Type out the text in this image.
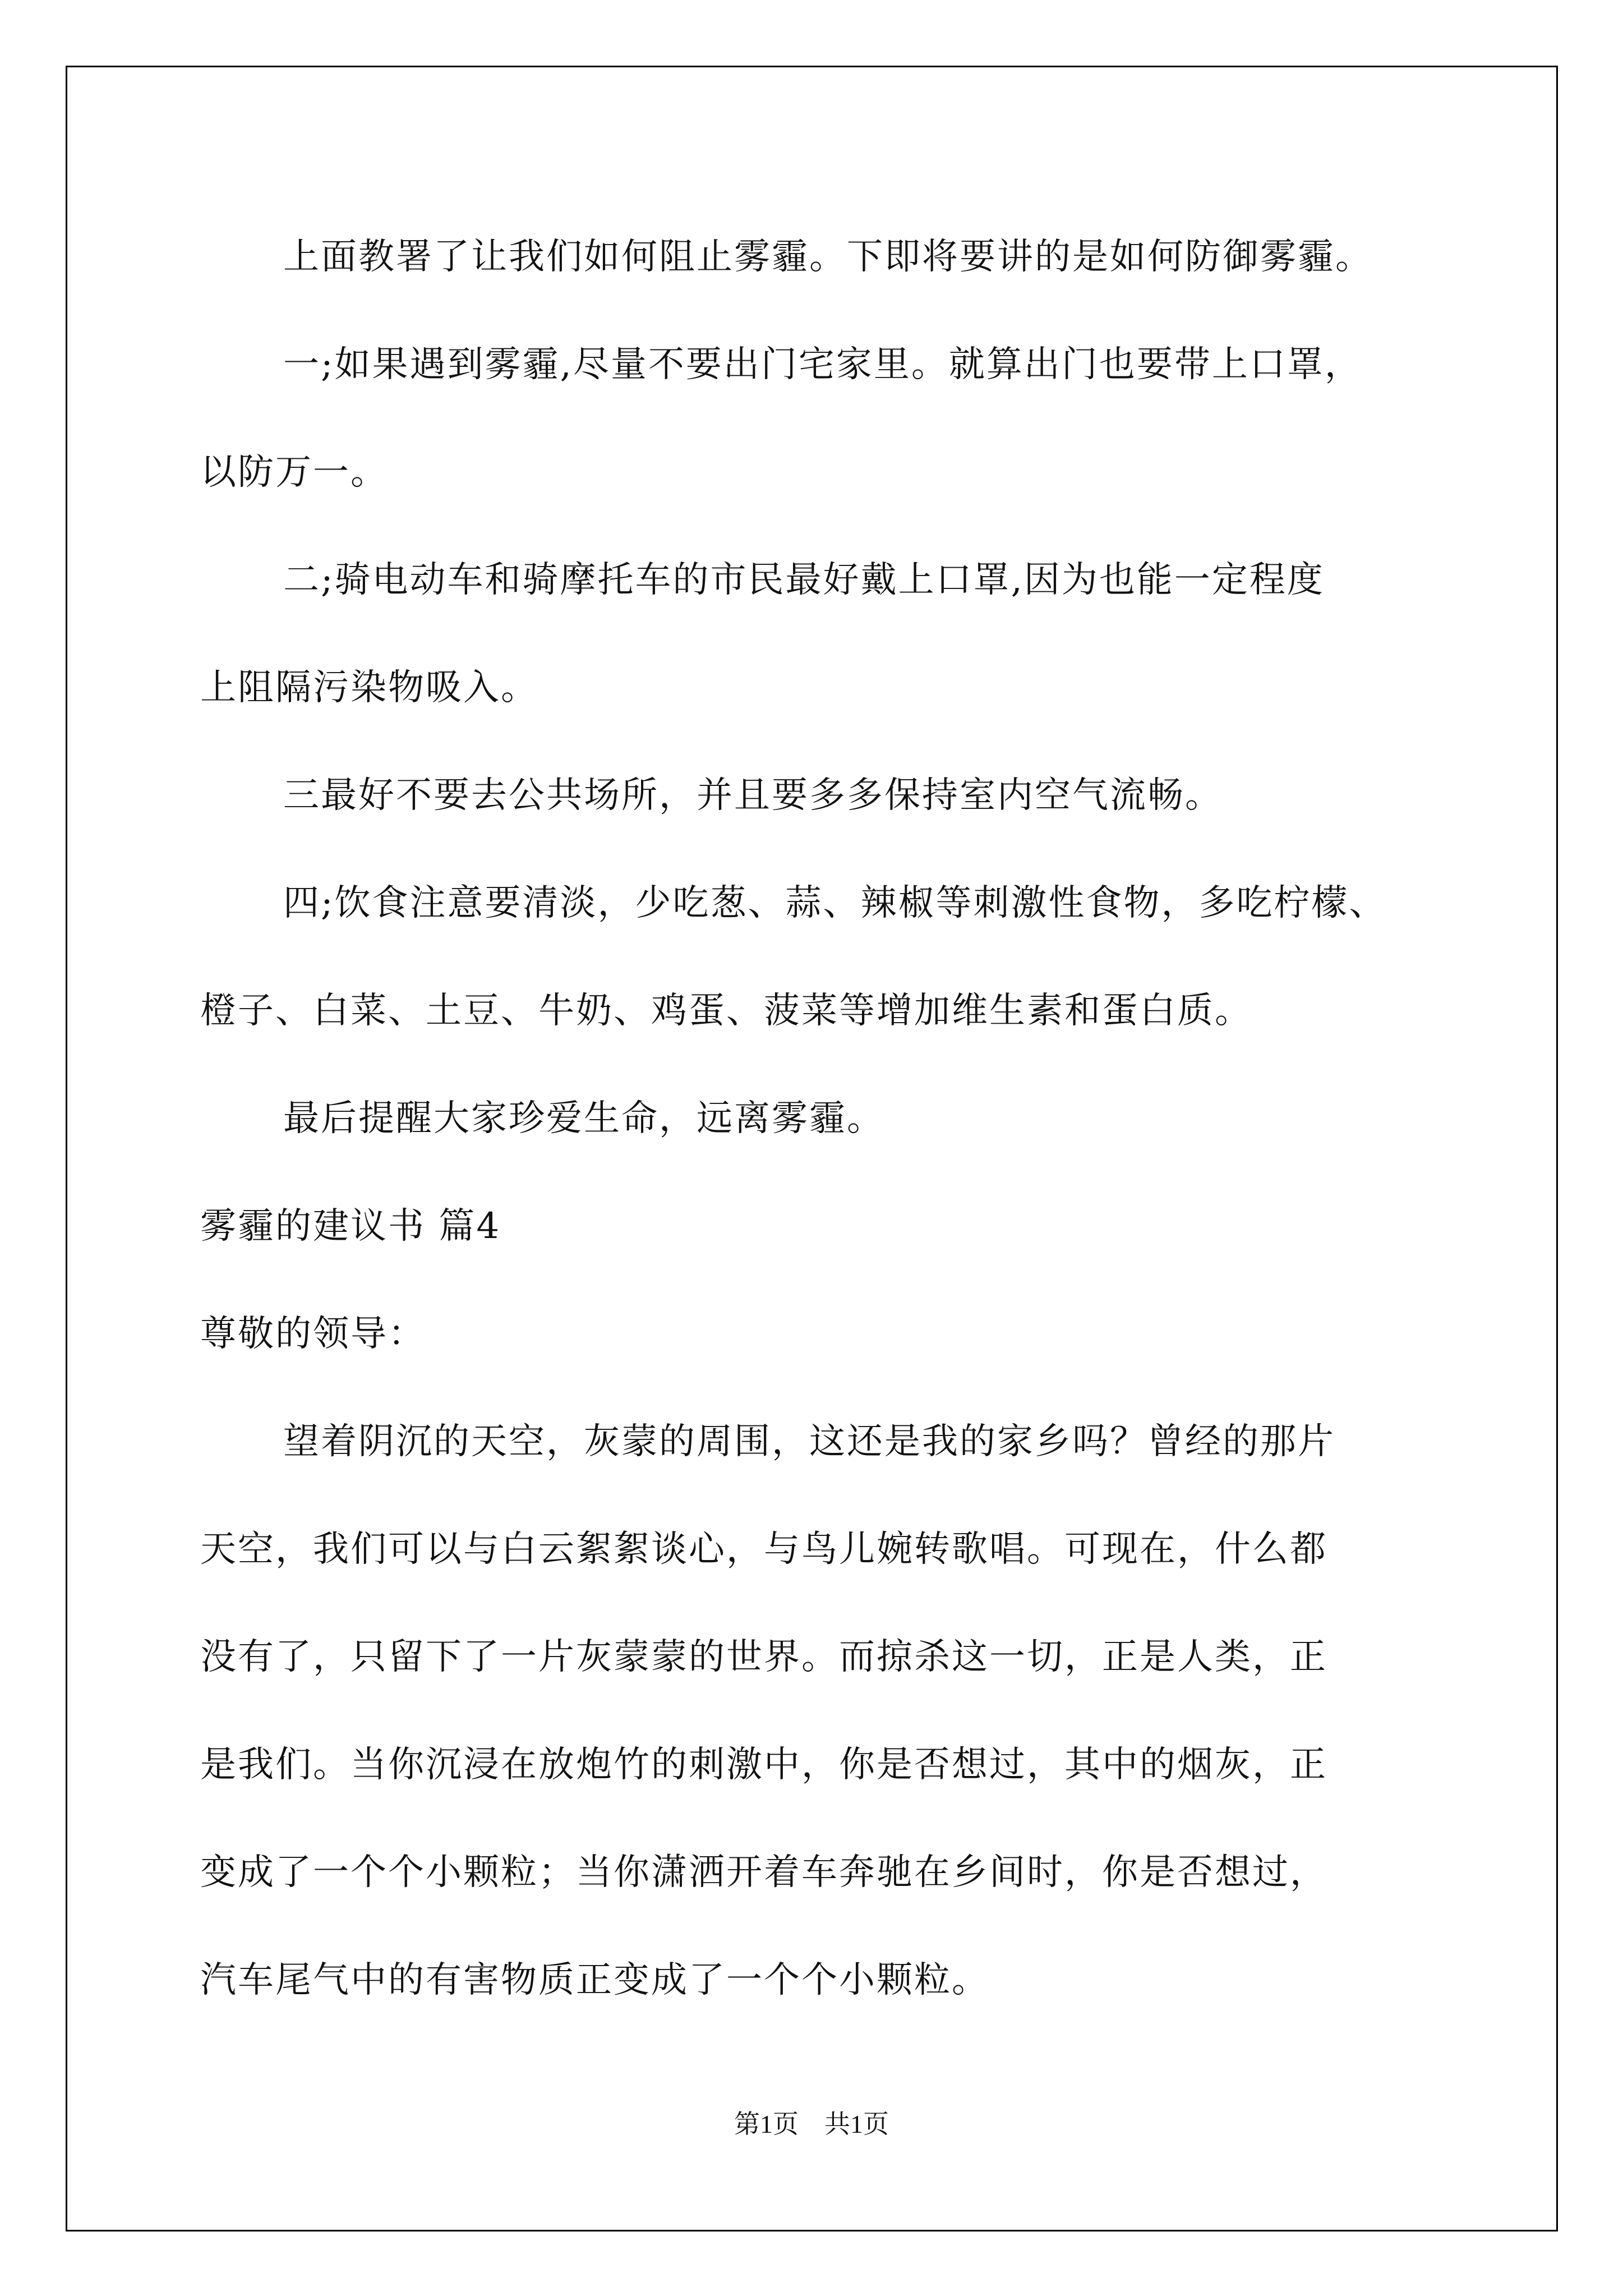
上面教署了让我们如何阻止雾霾。下即将要讲的是如何防御雾霾。
一;如果遇到雾霾,尽量不要出门宅家里。就算出门也要带上口罩，
以防万一。
二;骑电动车和骑摩托车的市民最好戴上口罩,因为也能一定程度
上阻隔污染物吸入。
三最好不要去公共场所，并且要多多保持室内空气流畅。
四;饮食注意要清淡，少吃葱、蒜、辣椒等刺激性食物，多吃柠檬、
橙子、白菜、土豆、牛奶、鸡蛋、菠菜等增加维生素和蛋白质。
最后提醒大家珍爱生命，远离雾霾。
雾霾的建议书 篇4
尊敬的领导：
望着阴沉的天空，灰蒙的周围，这还是我的家乡吗？曾经的那片
天空，我们可以与白云絮絮谈心，与鸟儿婉转歌唱。可现在，什么都
没有了，只留下了一片灰蒙蒙的世界。而掠杀这一切，正是人类，正
是我们。当你沉浸在放炮竹的刺激中，你是否想过，其中的烟灰，正
变成了一个个小颗粒；当你潇洒开着车奔驰在乡间时，你是否想过，
汽车尾气中的有害物质正变成了一个个小颗粒。
第1页　共1页
